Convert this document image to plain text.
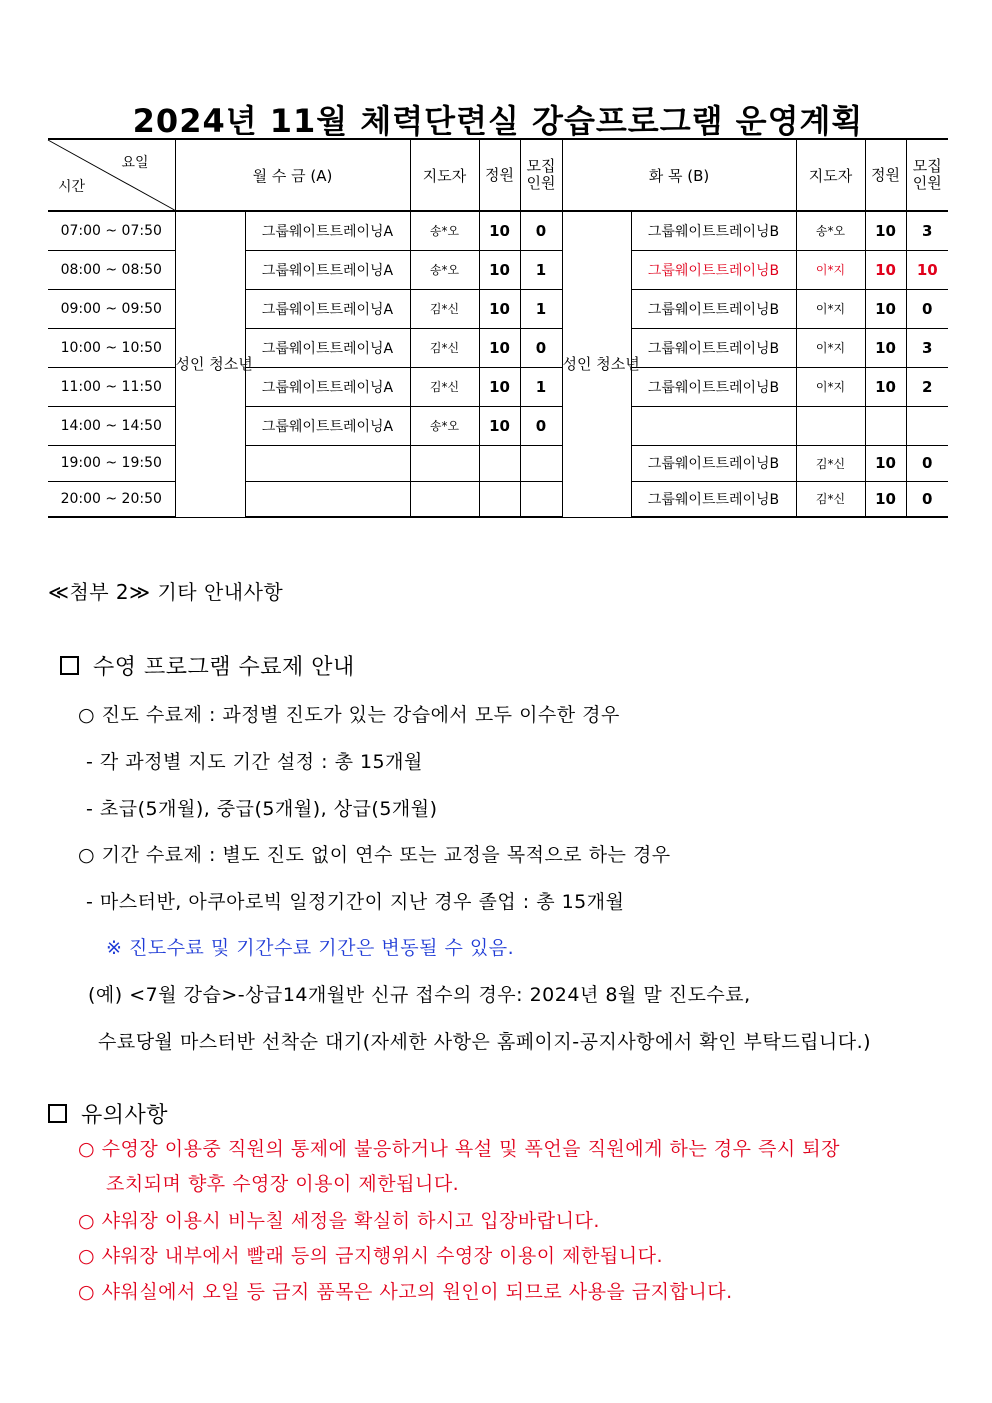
2024년 11월 체력단련실 강습프로그램 운영계획
요일
시간	월 수 금 (A)		지도자	정원	모집 인원	화 목 (B)		지도자	정원	모집 인원
07:00 ~ 07:50	성인 청소년	그룹웨이트트레이닝A	송*오	10	0	성인 청소년	그룹웨이트트레이닝B	송*오	10	3
08:00 ~ 08:50		그룹웨이트트레이닝A	송*오	10	1		그룹웨이트트레이닝B	이*지	10	10
09:00 ~ 09:50		그룹웨이트트레이닝A	김*신	10	1		그룹웨이트트레이닝B	이*지	10	0
10:00 ~ 10:50		그룹웨이트트레이닝A	김*신	10	0		그룹웨이트트레이닝B	이*지	10	3
11:00 ~ 11:50		그룹웨이트트레이닝A	김*신	10	1		그룹웨이트트레이닝B	이*지	10	2
14:00 ~ 14:50		그룹웨이트트레이닝A	송*오	10	0					
19:00 ~ 19:50							그룹웨이트트레이닝B	김*신	10	0
20:00 ~ 20:50							그룹웨이트트레이닝B	김*신	10	0
≪첨부 2≫ 기타 안내사항
수영 프로그램 수료제 안내
○ 진도 수료제 : 과정별 진도가 있는 강습에서 모두 이수한 경우
- 각 과정별 지도 기간 설정 : 총 15개월
- 초급(5개월), 중급(5개월), 상급(5개월)
○ 기간 수료제 : 별도 진도 없이 연수 또는 교정을 목적으로 하는 경우
- 마스터반, 아쿠아로빅 일정기간이 지난 경우 졸업 : 총 15개월
※ 진도수료 및 기간수료 기간은 변동될 수 있음.
(예) <7월 강습>-상급14개월반 신규 접수의 경우: 2024년 8월 말 진도수료,
수료당월 마스터반 선착순 대기(자세한 사항은 홈페이지-공지사항에서 확인 부탁드립니다.)
유의사항
○ 수영장 이용중 직원의 통제에 불응하거나 욕설 및 폭언을 직원에게 하는 경우 즉시 퇴장
조치되며 향후 수영장 이용이 제한됩니다.
○ 샤워장 이용시 비누칠 세정을 확실히 하시고 입장바랍니다.
○ 샤워장 내부에서 빨래 등의 금지행위시 수영장 이용이 제한됩니다.
○ 샤워실에서 오일 등 금지 품목은 사고의 원인이 되므로 사용을 금지합니다.
